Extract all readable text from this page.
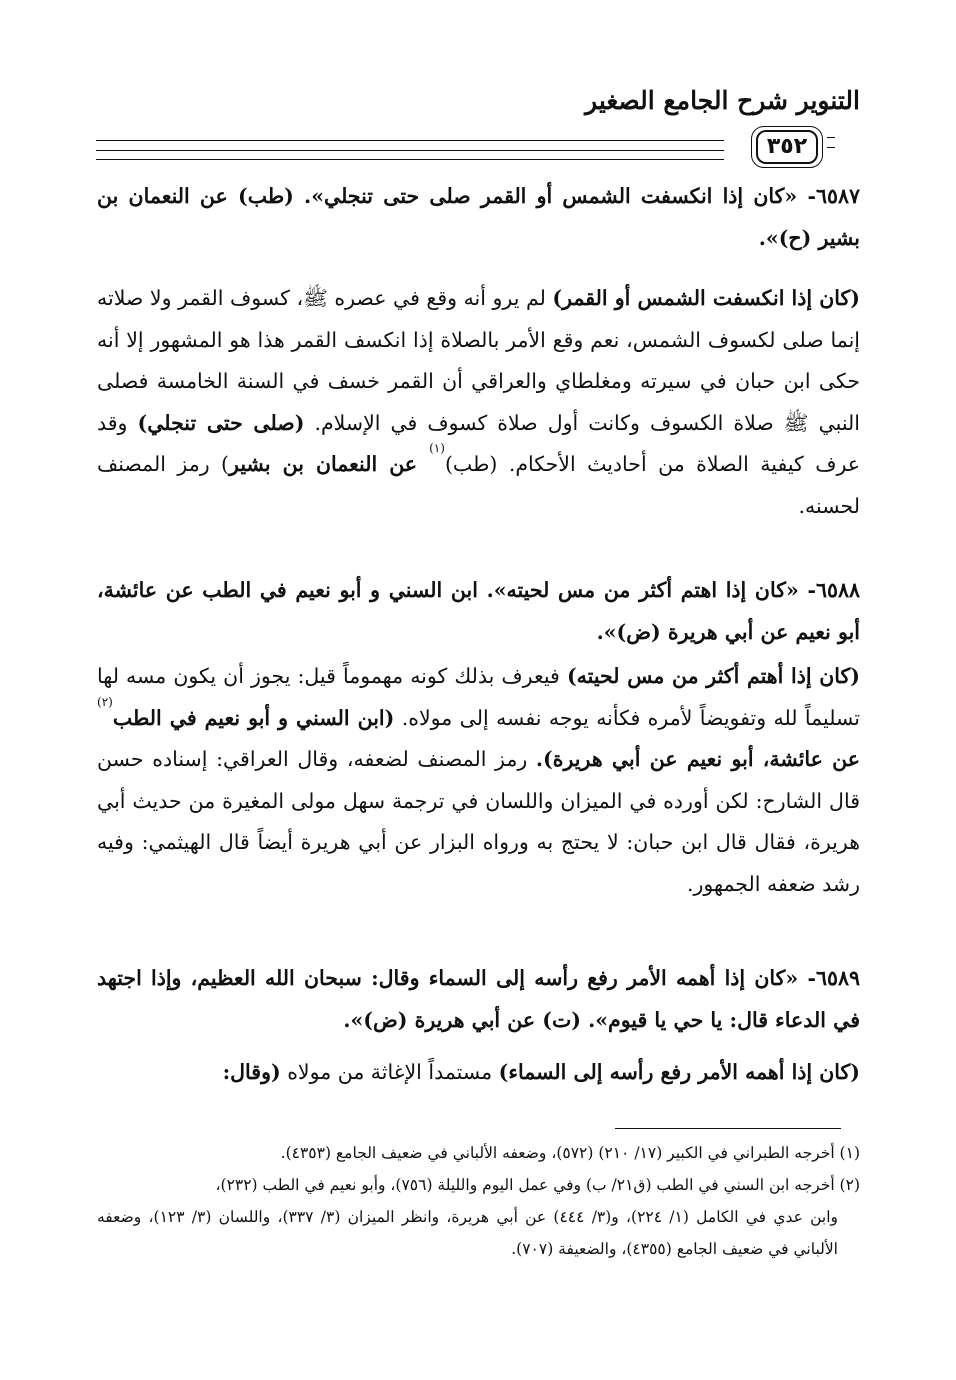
التنوير شرح الجامع الصغير
٣٥٢
٦٥٨٧- «كان إذا انكسفت الشمس أو القمر صلى حتى تنجلي». (طب) عن النعمان بن بشير (ح)».
(كان إذا انكسفت الشمس أو القمر) لم يرو أنه وقع في عصره ﷺ، كسوف القمر ولا صلاته إنما صلى لكسوف الشمس، نعم وقع الأمر بالصلاة إذا انكسف القمر هذا هو المشهور إلا أنه حكى ابن حبان في سيرته ومغلطاي والعراقي أن القمر خسف في السنة الخامسة فصلى النبي ﷺ صلاة الكسوف وكانت أول صلاة كسوف في الإسلام. (صلى حتى تنجلي) وقد عرف كيفية الصلاة من أحاديث الأحكام. (طب)$^{(١)}$ عن النعمان بن بشير) رمز المصنف لحسنه.
٦٥٨٨- «كان إذا اهتم أكثر من مس لحيته». ابن السني و أبو نعيم في الطب عن عائشة، أبو نعيم عن أبي هريرة (ض)».
(كان إذا أهتم أكثر من مس لحيته) فيعرف بذلك كونه مهموماً قيل: يجوز أن يكون مسه لها تسليماً لله وتفويضاً لأمره فكأنه يوجه نفسه إلى مولاه. (ابن السني و أبو نعيم في الطب$^{(٢)}$ عن عائشة، أبو نعيم عن أبي هريرة). رمز المصنف لضعفه، وقال العراقي: إسناده حسن قال الشارح: لكن أورده في الميزان واللسان في ترجمة سهل مولى المغيرة من حديث أبي هريرة، فقال قال ابن حبان: لا يحتج به ورواه البزار عن أبي هريرة أيضاً قال الهيثمي: وفيه رشد ضعفه الجمهور.
٦٥٨٩- «كان إذا أهمه الأمر رفع رأسه إلى السماء وقال: سبحان الله العظيم، وإذا اجتهد في الدعاء قال: يا حي يا قيوم». (ت) عن أبي هريرة (ض)».
(كان إذا أهمه الأمر رفع رأسه إلى السماء) مستمداً الإغاثة من مولاه (وقال:
(١) أخرجه الطبراني في الكبير (١٧/ ٢١٠) (٥٧٢)، وضعفه الألباني في ضعيف الجامع (٤٣٥٣).
(٢) أخرجه ابن السني في الطب (ق٢١/ ب) وفي عمل اليوم والليلة (٧٥٦)، وأبو نعيم في الطب (٢٣٢)،
وابن عدي في الكامل (١/ ٢٢٤)، و(٣/ ٤٤٤) عن أبي هريرة، وانظر الميزان (٣/ ٣٣٧)، واللسان (٣/ ١٢٣)، وضعفه الألباني في ضعيف الجامع (٤٣٥٥)، والضعيفة (٧٠٧).
